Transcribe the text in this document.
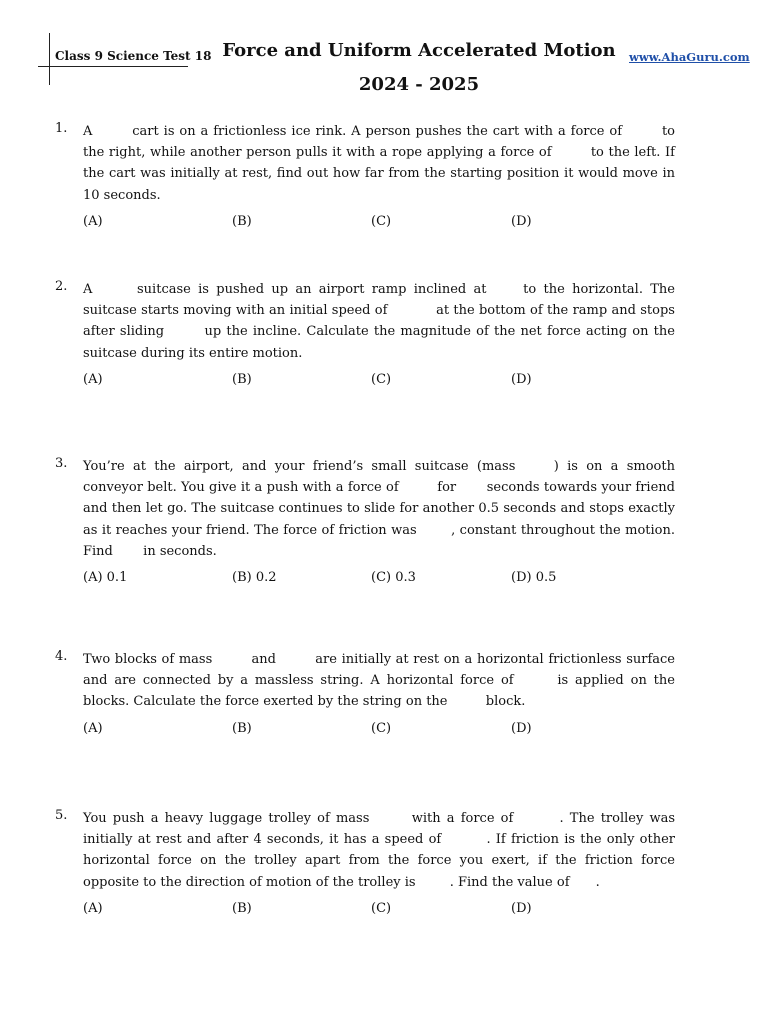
Class 9 Science Test 18 Force and Uniform Accelerated Motion
2024 - 2025
www.AhaGuru.com
1. A	cart is on a frictionless ice rink. A person pushes the cart with a force of	to the right, while another person pulls it with a rope applying a force of	to the left. If the cart was initially at rest, find out how far from the starting position it would move in 10 seconds.
(A)	(B)	(C)	(D)
2. A	suitcase is pushed up an airport ramp inclined at	to the horizontal. The suitcase starts moving with an initial speed of	at the bottom of the ramp and stops after sliding	up the incline. Calculate the magnitude of the net force acting on the suitcase during its entire motion.
(A)	(B)	(C)	(D)
3. You’re at the airport, and your friend’s small suitcase (mass	) is on a smooth conveyor belt. You give it a push with a force of	for seconds towards your friend and then let go. The suitcase continues to slide for another 0.5 seconds and stops exactly as it reaches your friend. The force of friction was	, constant throughout the motion. Find in seconds.
(A) 0.1	(B) 0.2	(C) 0.3	(D) 0.5
4. Two blocks of mass	and	are initially at rest on a horizontal frictionless surface and are connected by a massless string. A horizontal force of	is applied on the blocks. Calculate the force exerted by the string on the	block.
(A)	(B)	(C)	(D)
5. You push a heavy luggage trolley of mass	with a force of	. The trolley was initially at rest and after 4 seconds, it has a speed of	. If friction is the only other horizontal force on the trolley apart from the force you exert, if the friction force opposite to the direction of motion of the trolley is	. Find the value of .
(A)	(B)	(C)	(D)
